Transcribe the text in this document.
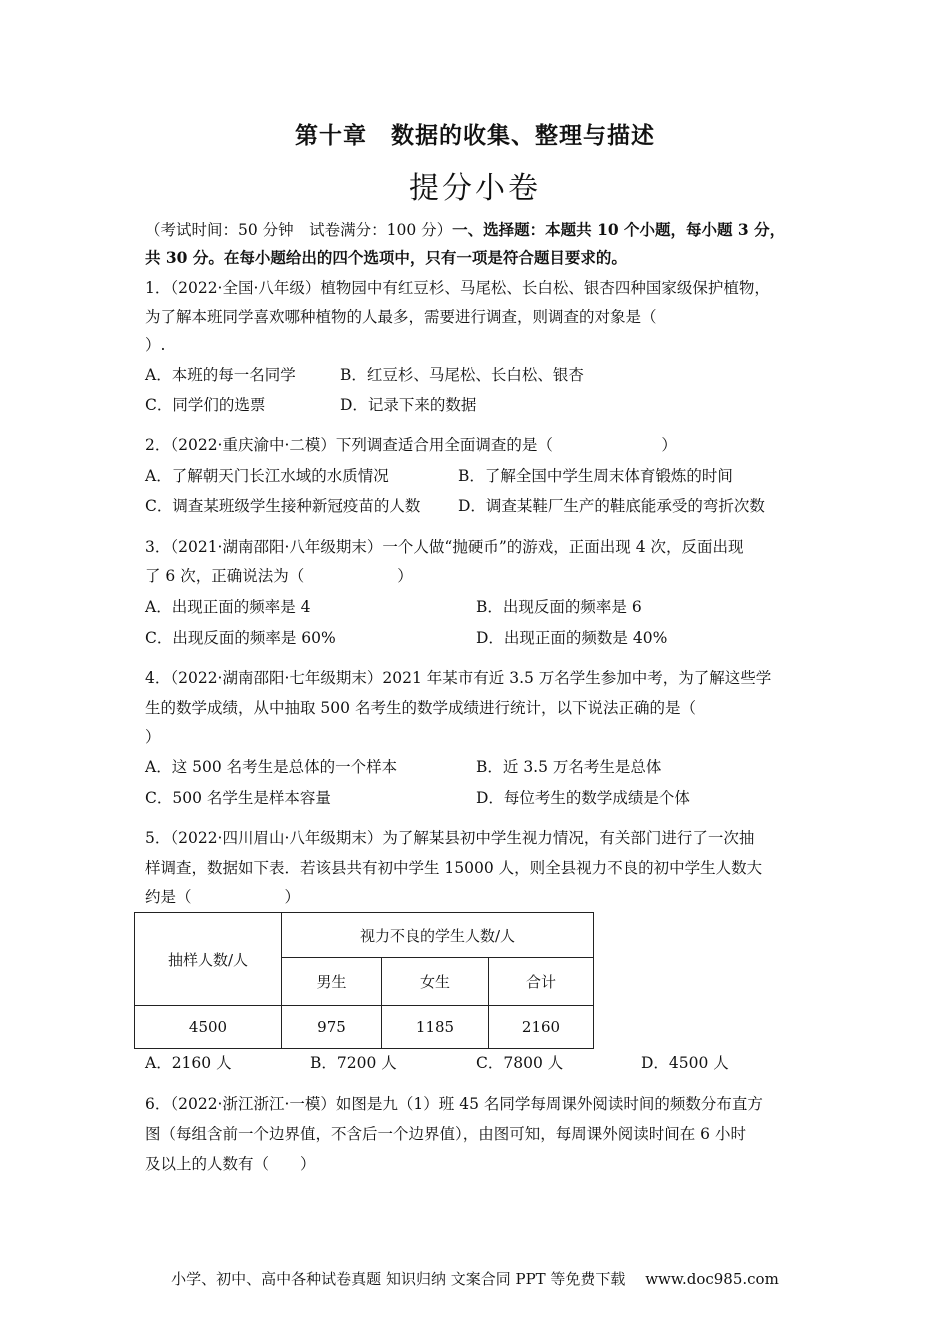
第十章　数据的收集、整理与描述
提分小卷
（考试时间：50 分钟　试卷满分：100 分）一、选择题：本题共 10 个小题，每小题 3 分，
共 30 分。在每小题给出的四个选项中，只有一项是符合题目要求的。
1．（2022·全国·八年级）植物园中有红豆杉、马尾松、长白松、银杏四种国家级保护植物，
为了解本班同学喜欢哪种植物的人最多，需要进行调查，则调查的对象是（
）.
A．本班的每一名同学	B．红豆杉、马尾松、长白松、银杏
C．同学们的选票	D．记录下来的数据
2．（2022·重庆渝中·二模）下列调查适合用全面调查的是（　　　　　　　）
A．了解朝天门长江水域的水质情况	B．了解全国中学生周末体育锻炼的时间
C．调查某班级学生接种新冠疫苗的人数 D．调查某鞋厂生产的鞋底能承受的弯折次数
3．（2021·湖南邵阳·八年级期末）一个人做“抛硬币”的游戏，正面出现 4 次，反面出现
了 6 次，正确说法为（　　　　　　）
A．出现正面的频率是 4	B．出现反面的频率是 6
C．出现反面的频率是 60%	D．出现正面的频数是 40%
4．（2022·湖南邵阳·七年级期末）2021 年某市有近 3.5 万名学生参加中考，为了解这些学
生的数学成绩，从中抽取 500 名考生的数学成绩进行统计，以下说法正确的是（
）
A．这 500 名考生是总体的一个样本	B．近 3.5 万名考生是总体
C．500 名学生是样本容量	D．每位考生的数学成绩是个体
5．（2022·四川眉山·八年级期末）为了解某县初中学生视力情况，有关部门进行了一次抽
样调查，数据如下表．若该县共有初中学生 15000 人，则全县视力不良的初中学生人数大
约是（　　　　　　）
抽样人数/人	视力不良的学生人数/人		
	男生	女生	合计
4500	975	1185	2160
A．2160 人	B．7200 人	C．7800 人	D．4500 人
6．（2022·浙江浙江·一模）如图是九（1）班 45 名同学每周课外阅读时间的频数分布直方
图（每组含前一个边界值，不含后一个边界值），由图可知，每周课外阅读时间在 6 小时
及以上的人数有（　　）
小学、初中、高中各种试卷真题 知识归纳 文案合同 PPT 等免费下载　 www.doc985.com
